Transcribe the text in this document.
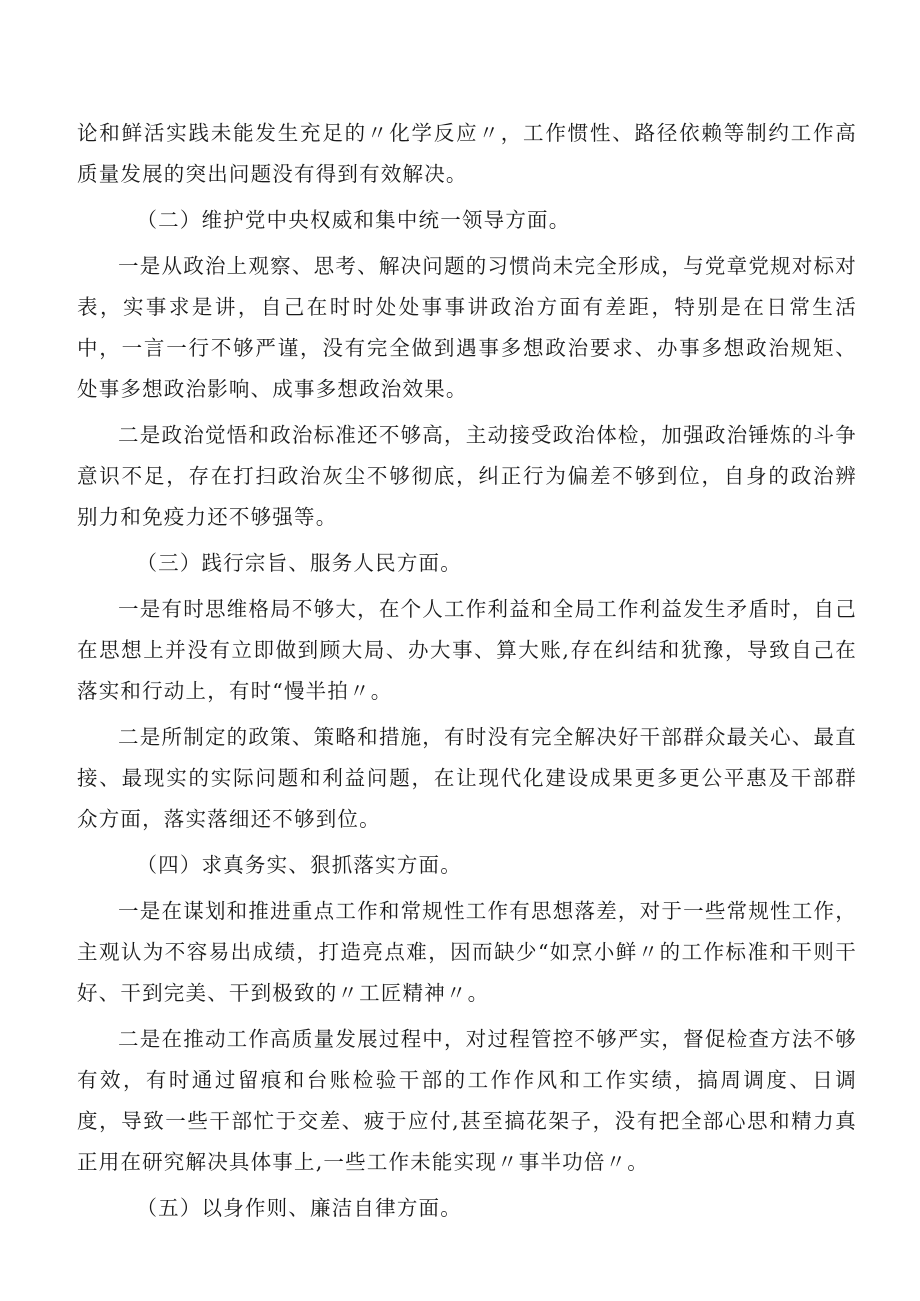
论和鲜活实践未能发生充足的〃化学反应〃，工作惯性、路径依赖等制约工作高质量发展的突出问题没有得到有效解决。

（二）维护党中央权威和集中统一领导方面。

一是从政治上观察、思考、解决问题的习惯尚未完全形成，与党章党规对标对表，实事求是讲，自己在时时处处事事讲政治方面有差距，特别是在日常生活中，一言一行不够严谨，没有完全做到遇事多想政治要求、办事多想政治规矩、处事多想政治影响、成事多想政治效果。

二是政治觉悟和政治标准还不够高，主动接受政治体检，加强政治锤炼的斗争意识不足，存在打扫政治灰尘不够彻底，纠正行为偏差不够到位，自身的政治辨别力和免疫力还不够强等。

（三）践行宗旨、服务人民方面。

一是有时思维格局不够大，在个人工作利益和全局工作利益发生矛盾时，自己在思想上并没有立即做到顾大局、办大事、算大账,存在纠结和犹豫，导致自己在落实和行动上，有时“慢半拍〃。

二是所制定的政策、策略和措施，有时没有完全解决好干部群众最关心、最直接、最现实的实际问题和利益问题，在让现代化建设成果更多更公平惠及干部群众方面，落实落细还不够到位。

（四）求真务实、狠抓落实方面。

一是在谋划和推进重点工作和常规性工作有思想落差，对于一些常规性工作，主观认为不容易出成绩，打造亮点难，因而缺少“如烹小鲜〃的工作标准和干则干好、干到完美、干到极致的〃工匠精神〃。

二是在推动工作高质量发展过程中，对过程管控不够严实，督促检查方法不够有效，有时通过留痕和台账检验干部的工作作风和工作实绩，搞周调度、日调度，导致一些干部忙于交差、疲于应付,甚至搞花架子，没有把全部心思和精力真正用在研究解决具体事上,一些工作未能实现〃事半功倍〃。

（五）以身作则、廉洁自律方面。
